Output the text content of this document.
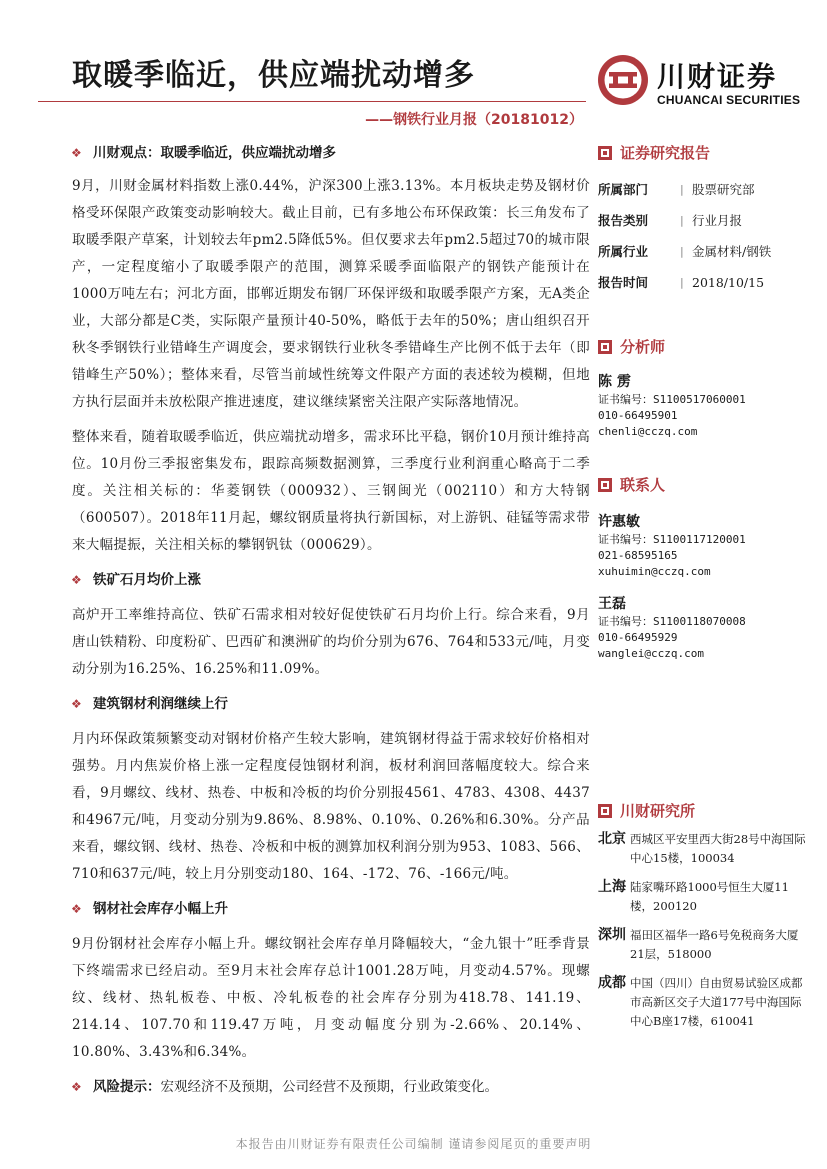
取暖季临近，供应端扰动增多
——钢铁行业月报（20181012）
川财证券
CHUANCAI SECURITIES
❖ 川财观点：取暖季临近，供应端扰动增多
9月，川财金属材料指数上涨0.44%，沪深300上涨3.13%。本月板块走势及钢材价格受环保限产政策变动影响较大。截止目前，已有多地公布环保政策：长三角发布了取暖季限产草案，计划较去年pm2.5降低5%。但仅要求去年pm2.5超过70的城市限产，一定程度缩小了取暖季限产的范围，测算采暖季面临限产的钢铁产能预计在1000万吨左右；河北方面，邯郸近期发布钢厂环保评级和取暖季限产方案，无A类企业，大部分都是C类，实际限产量预计40-50%，略低于去年的50%；唐山组织召开秋冬季钢铁行业错峰生产调度会，要求钢铁行业秋冬季错峰生产比例不低于去年（即错峰生产50%）；整体来看，尽管当前域性统筹文件限产方面的表述较为模糊，但地方执行层面并未放松限产推进速度，建议继续紧密关注限产实际落地情况。
整体来看，随着取暖季临近，供应端扰动增多，需求环比平稳，钢价10月预计维持高位。10月份三季报密集发布，跟踪高频数据测算，三季度行业利润重心略高于二季度。关注相关标的：华菱钢铁（000932）、三钢闽光（002110）和方大特钢（600507）。2018年11月起，螺纹钢质量将执行新国标，对上游钒、硅锰等需求带来大幅提振，关注相关标的攀钢钒钛（000629）。
❖ 铁矿石月均价上涨
高炉开工率维持高位、铁矿石需求相对较好促使铁矿石月均价上行。综合来看，9月唐山铁精粉、印度粉矿、巴西矿和澳洲矿的均价分别为676、764和533元/吨，月变动分别为16.25%、16.25%和11.09%。
❖ 建筑钢材利润继续上行
月内环保政策频繁变动对钢材价格产生较大影响，建筑钢材得益于需求较好价格相对强势。月内焦炭价格上涨一定程度侵蚀钢材利润，板材利润回落幅度较大。综合来看，9月螺纹、线材、热卷、中板和冷板的均价分别报4561、4783、4308、4437和4967元/吨，月变动分别为9.86%、8.98%、0.10%、0.26%和6.30%。分产品来看，螺纹钢、线材、热卷、冷板和中板的测算加权利润分别为953、1083、566、710和637元/吨，较上月分别变动180、164、-172、76、-166元/吨。
❖ 钢材社会库存小幅上升
9月份钢材社会库存小幅上升。螺纹钢社会库存单月降幅较大，“金九银十”旺季背景下终端需求已经启动。至9月末社会库存总计1001.28万吨，月变动4.57%。现螺纹、线材、热轧板卷、中板、冷轧板卷的社会库存分别为418.78、141.19、214.14、107.70和119.47万吨，月变动幅度分别为-2.66%、20.14%、10.80%、3.43%和6.34%。
❖ 风险提示：宏观经济不及预期，公司经营不及预期，行业政策变化。
证券研究报告
所属部门	| 股票研究部
报告类别	| 行业月报
所属行业	| 金属材料/钢铁
报告时间	| 2018/10/15
分析师
陈 雳
证书编号：S1100517060001
010-66495901
chenli@cczq.com
联系人
许惠敏
证书编号：S1100117120001
021-68595165
xuhuimin@cczq.com
王磊
证书编号：S1100118070008
010-66495929
wanglei@cczq.com
川财研究所
北京 西城区平安里西大街28号中海国际中心15楼，100034
上海 陆家嘴环路1000号恒生大厦11楼，200120
深圳 福田区福华一路6号免税商务大厦21层，518000
成都 中国（四川）自由贸易试验区成都市高新区交子大道177号中海国际中心B座17楼，610041
本报告由川财证券有限责任公司编制 谨请参阅尾页的重要声明
